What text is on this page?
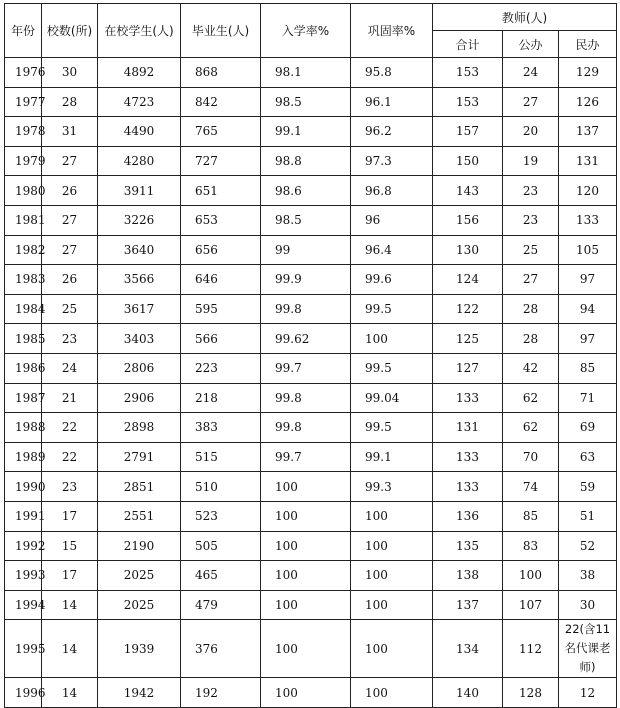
年份	校数(所)	在校学生(人)	毕业生(人)	入学率%	巩固率%	教师(人)		
						合计	公办	民办
1976	30	4892	868	98.1	95.8	153	24	129
1977	28	4723	842	98.5	96.1	153	27	126
1978	31	4490	765	99.1	96.2	157	20	137
1979	27	4280	727	98.8	97.3	150	19	131
1980	26	3911	651	98.6	96.8	143	23	120
1981	27	3226	653	98.5	96	156	23	133
1982	27	3640	656	99	96.4	130	25	105
1983	26	3566	646	99.9	99.6	124	27	97
1984	25	3617	595	99.8	99.5	122	28	94
1985	23	3403	566	99.62	100	125	28	97
1986	24	2806	223	99.7	99.5	127	42	85
1987	21	2906	218	99.8	99.04	133	62	71
1988	22	2898	383	99.8	99.5	131	62	69
1989	22	2791	515	99.7	99.1	133	70	63
1990	23	2851	510	100	99.3	133	74	59
1991	17	2551	523	100	100	136	85	51
1992	15	2190	505	100	100	135	83	52
1993	17	2025	465	100	100	138	100	38
1994	14	2025	479	100	100	137	107	30
1995	14	1939	376	100	100	134	112	22(含11名代课老师)
1996	14	1942	192	100	100	140	128	12
